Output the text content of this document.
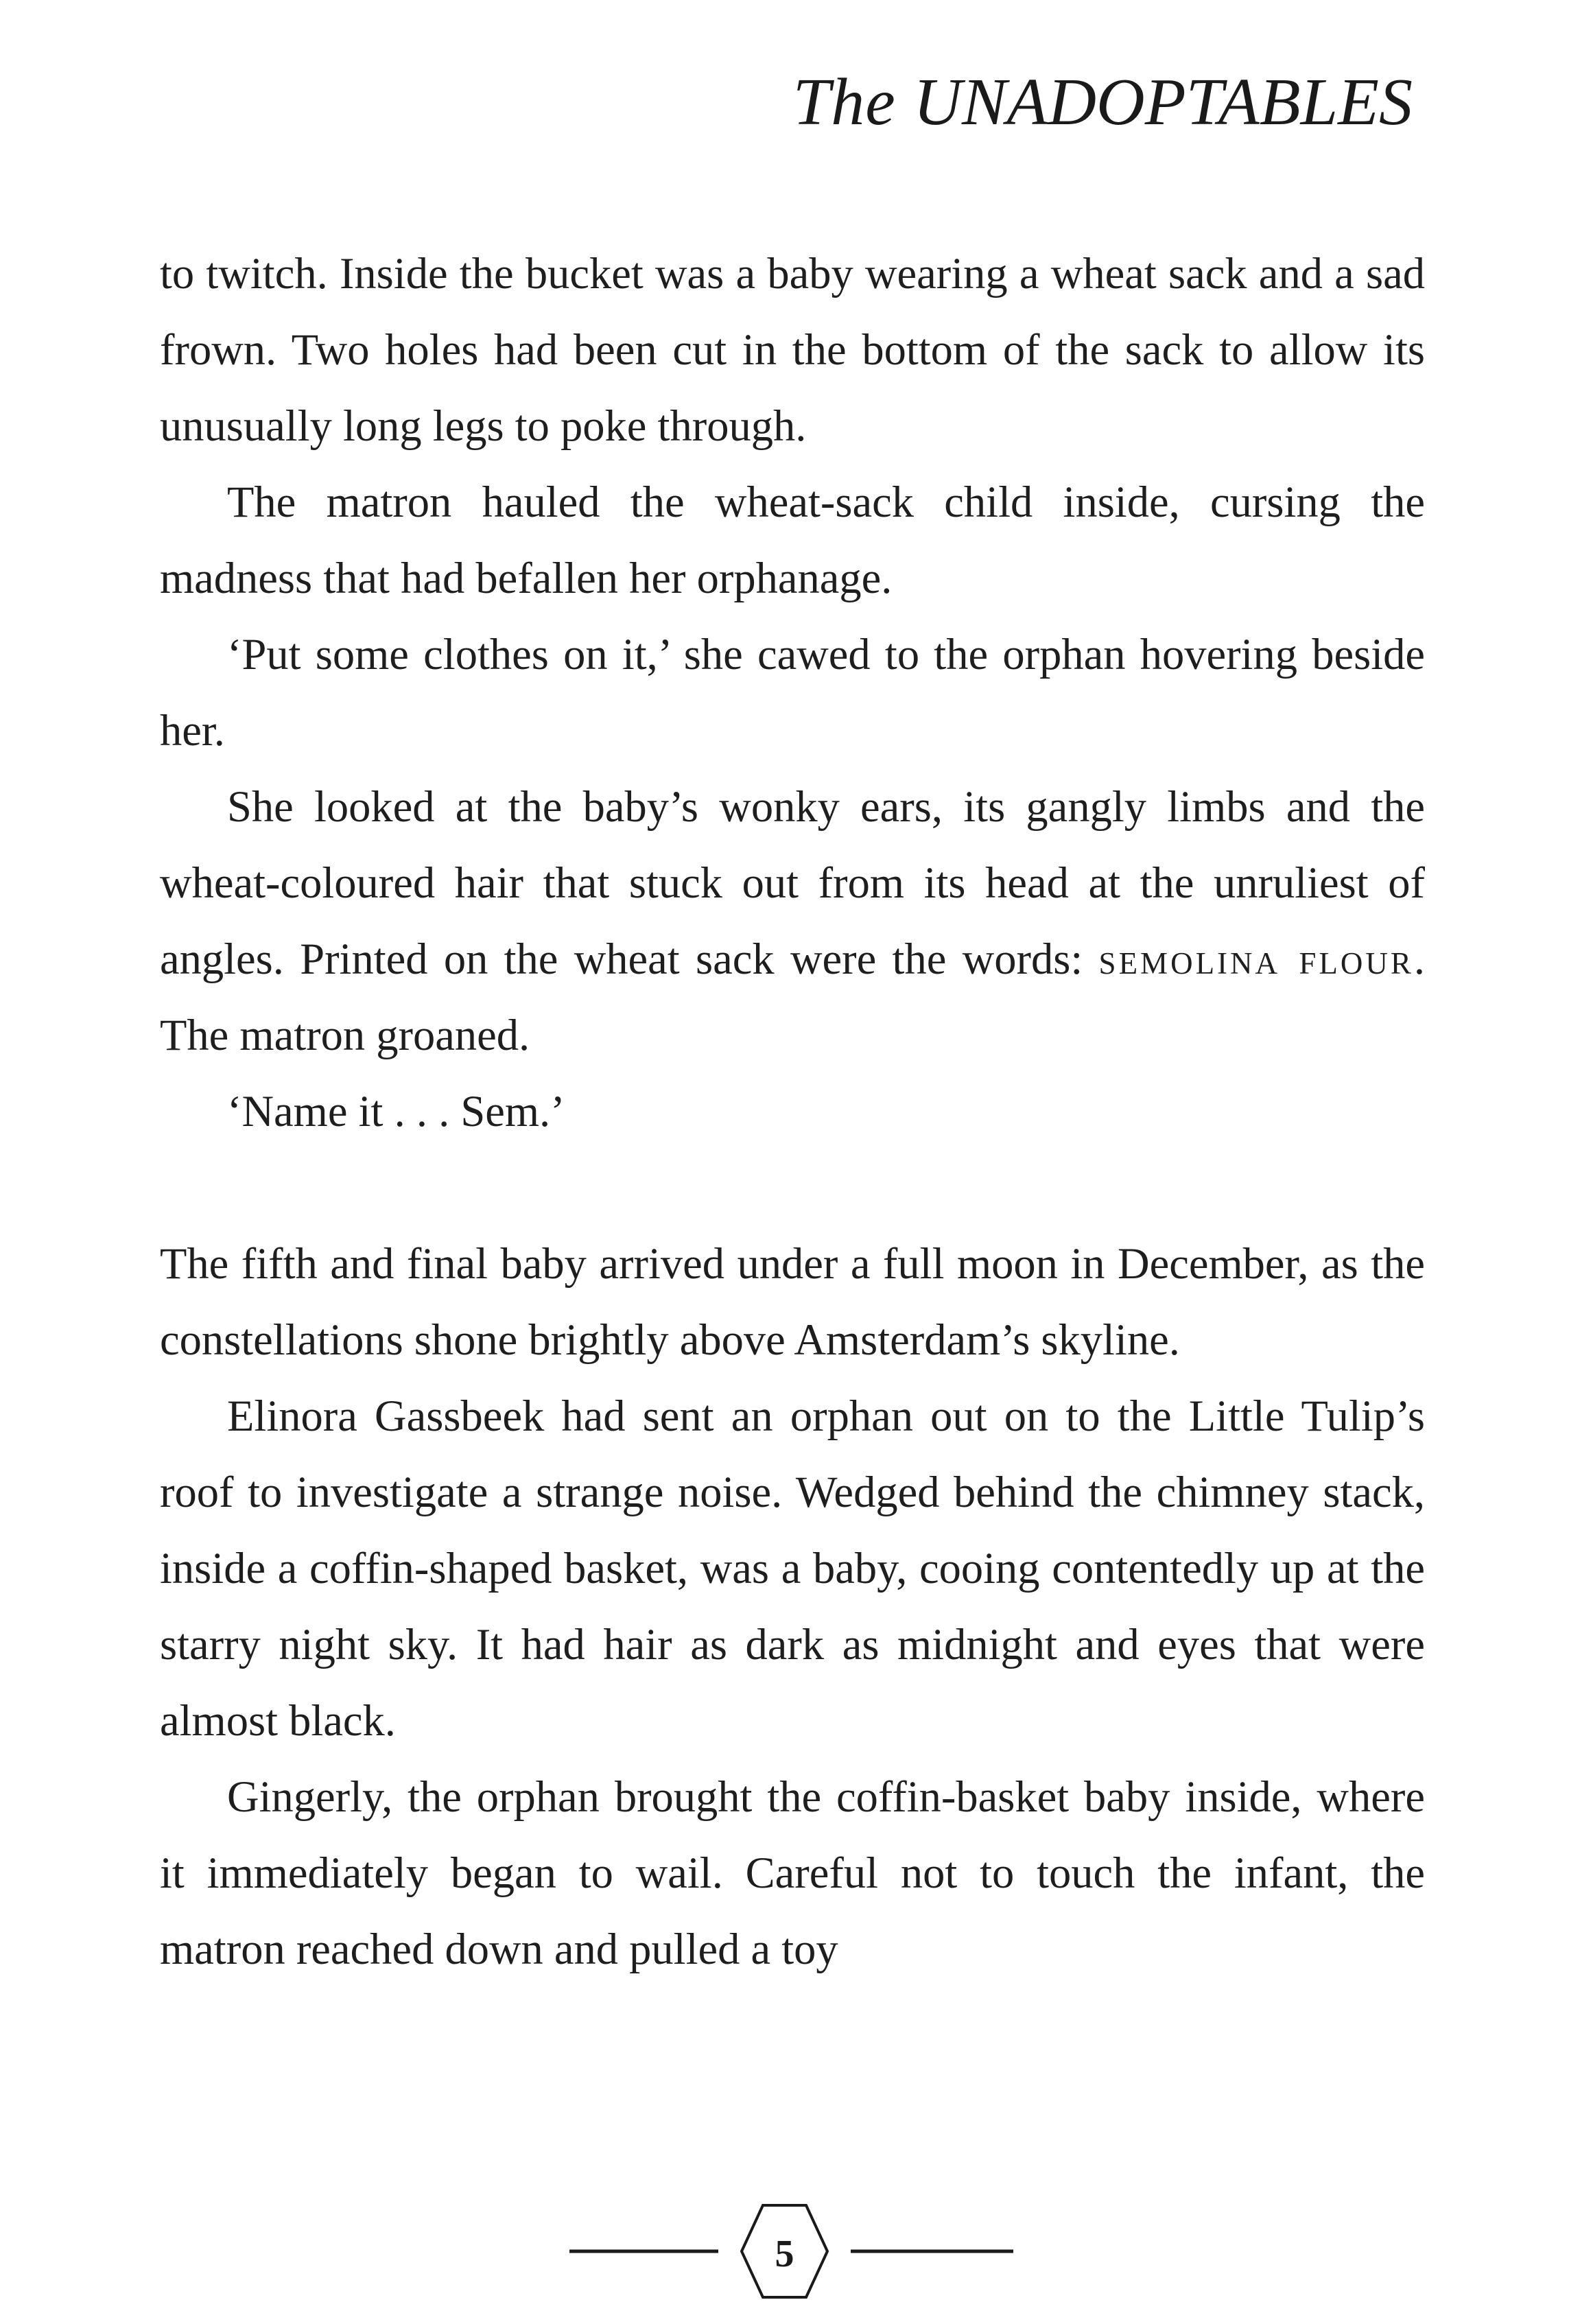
The UNADOPTABLES

to twitch. Inside the bucket was a baby wearing a wheat sack and a sad frown. Two holes had been cut in the bottom of the sack to allow its unusually long legs to poke through.

The matron hauled the wheat-sack child inside, cursing the madness that had befallen her orphanage.

‘Put some clothes on it,’ she cawed to the orphan hovering beside her.

She looked at the baby’s wonky ears, its gangly limbs and the wheat-coloured hair that stuck out from its head at the unruliest of angles. Printed on the wheat sack were the words: semolina flour. The matron groaned.

‘Name it . . . Sem.’

The fifth and final baby arrived under a full moon in December, as the constellations shone brightly above Amsterdam’s skyline.

Elinora Gassbeek had sent an orphan out on to the Little Tulip’s roof to investigate a strange noise. Wedged behind the chimney stack, inside a coffin-shaped basket, was a baby, cooing contentedly up at the starry night sky. It had hair as dark as midnight and eyes that were almost black.

Gingerly, the orphan brought the coffin-basket baby inside, where it immediately began to wail. Careful not to touch the infant, the matron reached down and pulled a toy

5
